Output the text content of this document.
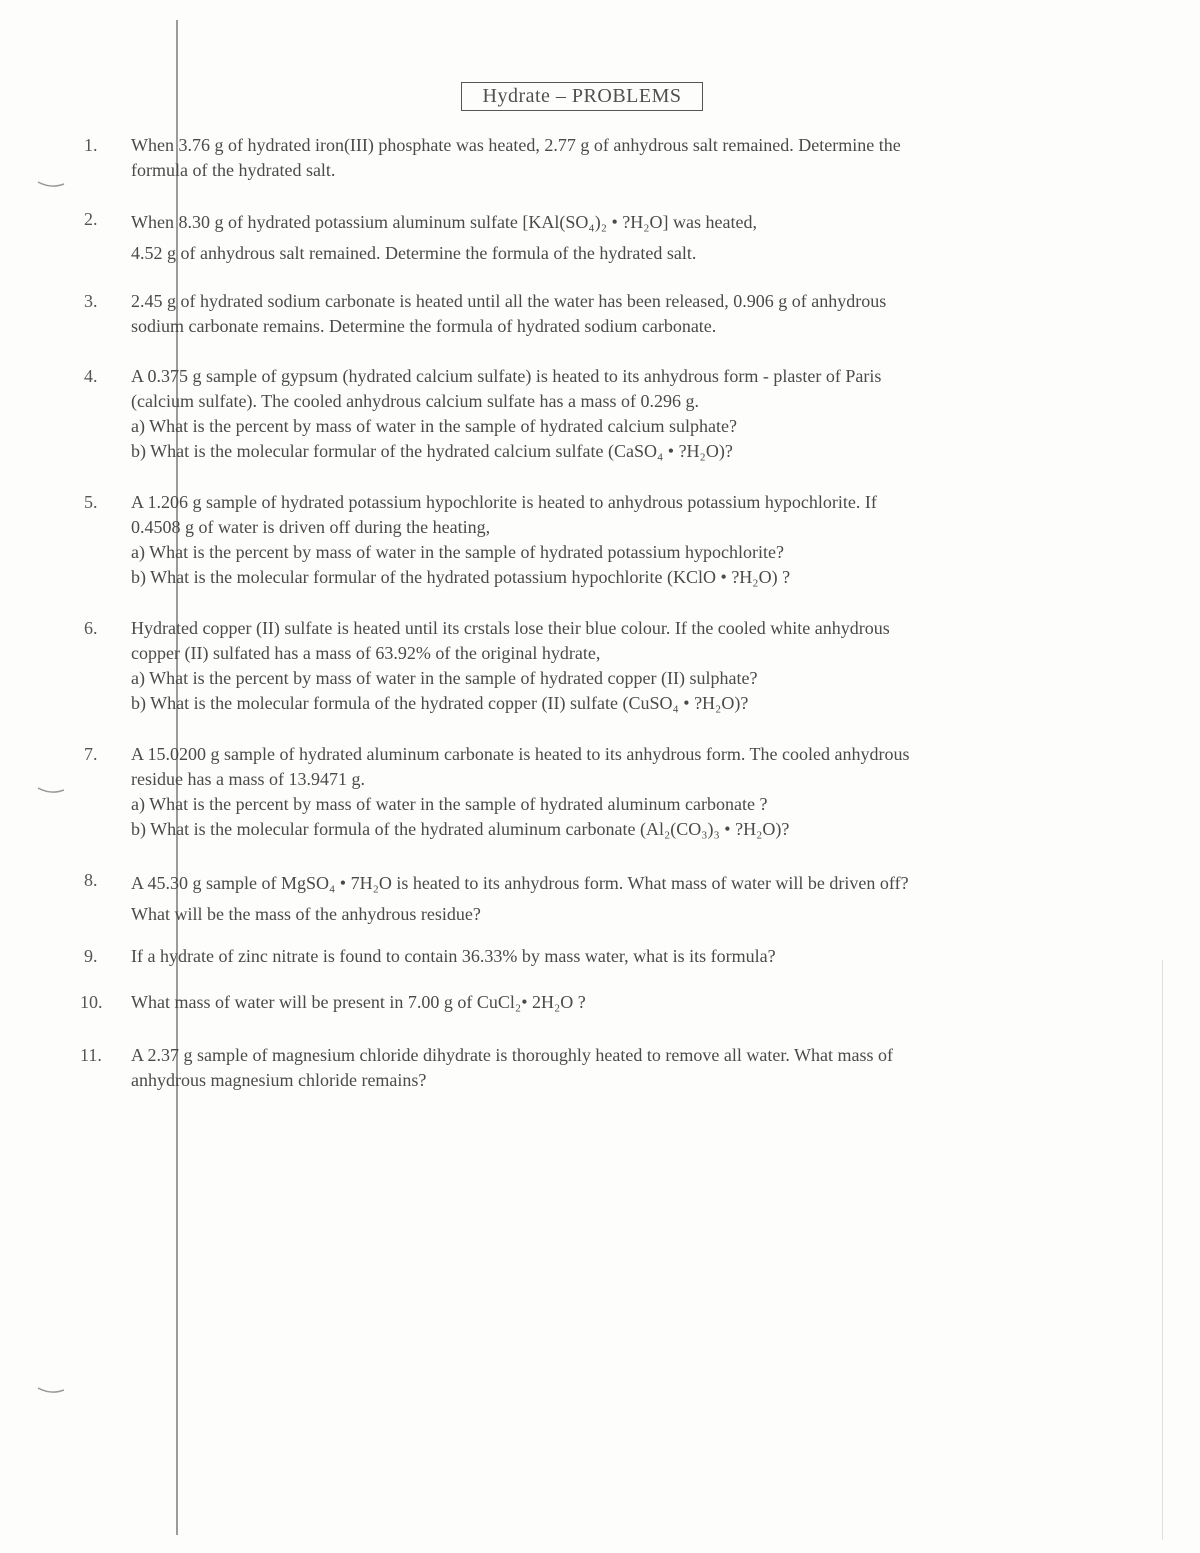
Hydrate – PROBLEMS
1.	When 3.76 g of hydrated iron(III) phosphate was heated, 2.77 g of anhydrous salt remained. Determine the
formula of the hydrated salt.
2.	When 8.30 g of hydrated potassium aluminum sulfate [KAl(SO₄)₂ • ?H₂O] was heated,
4.52 g of anhydrous salt remained. Determine the formula of the hydrated salt.
3.	2.45 g of hydrated sodium carbonate is heated until all the water has been released, 0.906 g of anhydrous
sodium carbonate remains. Determine the formula of hydrated sodium carbonate.
4.	A 0.375 g sample of gypsum (hydrated calcium sulfate) is heated to its anhydrous form - plaster of Paris
(calcium sulfate). The cooled anhydrous calcium sulfate has a mass of 0.296 g.
a) What is the percent by mass of water in the sample of hydrated calcium sulphate?
b) What is the molecular formular of the hydrated calcium sulfate (CaSO₄ • ?H₂O)?
5.	A 1.206 g sample of hydrated potassium hypochlorite is heated to anhydrous potassium hypochlorite. If
0.4508 g of water is driven off during the heating,
a) What is the percent by mass of water in the sample of hydrated potassium hypochlorite?
b) What is the molecular formular of the hydrated potassium hypochlorite (KClO • ?H₂O) ?
6.	Hydrated copper (II) sulfate is heated until its crstals lose their blue colour. If the cooled white anhydrous
copper (II) sulfated has a mass of 63.92% of the original hydrate,
a) What is the percent by mass of water in the sample of hydrated copper (II) sulphate?
b) What is the molecular formula of the hydrated copper (II) sulfate (CuSO₄ • ?H₂O)?
7.	A 15.0200 g sample of hydrated aluminum carbonate is heated to its anhydrous form. The cooled anhydrous
residue has a mass of 13.9471 g.
a) What is the percent by mass of water in the sample of hydrated aluminum carbonate ?
b) What is the molecular formula of the hydrated aluminum carbonate (Al₂(CO₃)₃ • ?H₂O)?
8.	A 45.30 g sample of MgSO₄ • 7H₂O is heated to its anhydrous form. What mass of water will be driven off?
What will be the mass of the anhydrous residue?
9.	If a hydrate of zinc nitrate is found to contain 36.33% by mass water, what is its formula?
10.	What mass of water will be present in 7.00 g of CuCl₂• 2H₂O ?
11.	A 2.37 g sample of magnesium chloride dihydrate is thoroughly heated to remove all water. What mass of
anhydrous magnesium chloride remains?
